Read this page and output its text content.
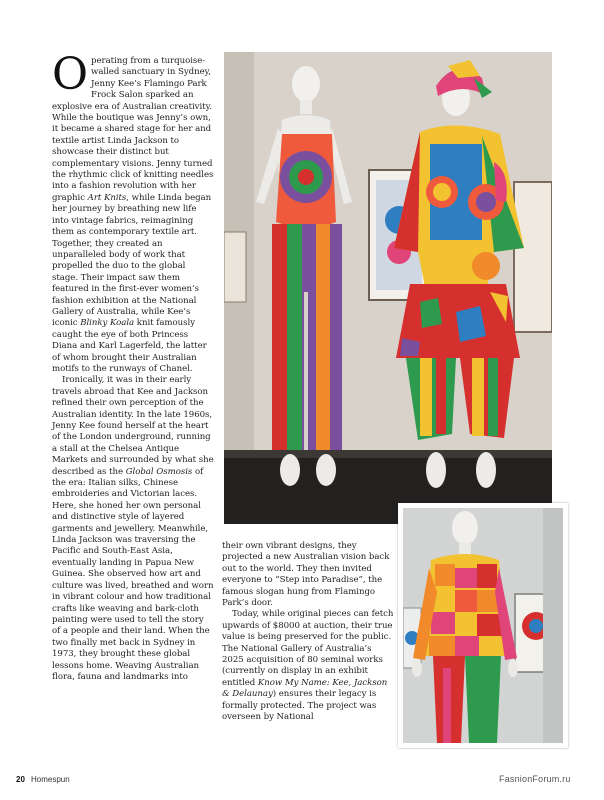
Operating from a turquoise-walled sanctuary in Sydney, Jenny Kee’s Flamingo Park Frock Salon sparked an explosive era of Australian creativity. While the boutique was Jenny’s own, it became a shared stage for her and textile artist Linda Jackson to showcase their distinct but complementary visions. Jenny turned the rhythmic click of knitting needles into a fashion revolution with her graphic Art Knits, while Linda began her journey by breathing new life into vintage fabrics, reimagining them as contemporary textile art. Together, they created an unparalleled body of work that propelled the duo to the global stage. Their impact saw them featured in the first-ever women’s fashion exhibition at the National Gallery of Australia, while Kee’s iconic Blinky Koala knit famously caught the eye of both Princess Diana and Karl Lagerfeld, the latter of whom brought their Australian motifs to the runways of Chanel.

Ironically, it was in their early travels abroad that Kee and Jackson refined their own perception of the Australian identity. In the late 1960s, Jenny Kee found herself at the heart of the London underground, running a stall at the Chelsea Antique Markets and surrounded by what she described as the Global Osmosis of the era: Italian silks, Chinese embroideries and Victorian laces. Here, she honed her own personal and distinctive style of layered garments and jewellery. Meanwhile, Linda Jackson was traversing the Pacific and South-East Asia, eventually landing in Papua New Guinea. She observed how art and culture was lived, breathed and worn in vibrant colour and how traditional crafts like weaving and bark-cloth painting were used to tell the story of a people and their land. When the two finally met back in Sydney in 1973, they brought these global lessons home. Weaving Australian flora, fauna and landmarks into

their own vibrant designs, they projected a new Australian vision back out to the world. They then invited everyone to “Step into Paradise”, the famous slogan hung from Flamingo Park’s door.

Today, while original pieces can fetch upwards of $8000 at auction, their true value is being preserved for the public. The National Gallery of Australia’s 2025 acquisition of 80 seminal works (currently on display in an exhibit entitled Know My Name: Kee, Jackson & Delaunay) ensures their legacy is formally protected. The project was overseen by National

20 Homespun	FasnionForum.ru
